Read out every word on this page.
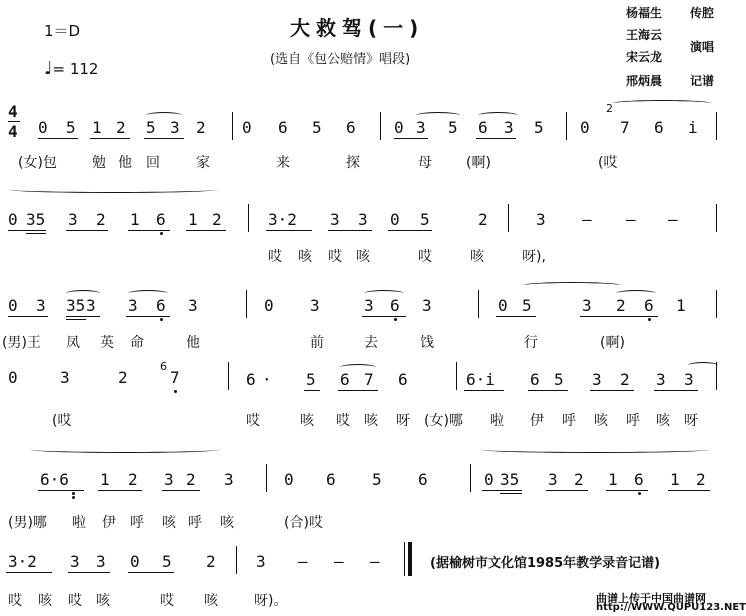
1＝D
♩= 112
大救驾(一)
(选自《包公赔情》唱段)
杨福生 传腔
王海云
宋云龙
演唱
邢炳晨 记谱
4
4 0 5 1 2 5 3 2 0 6 5 6 0 3 5 6 3 5 0
2
7 6 i
(女)包	勉 他 回	家	来	探	母 (啊)	(哎
0 35 3 2 1 6 1 2	3·2 3 3 0 5	2	3 – – –
哎 咳 哎 咳	哎	咳	呀),
0 3 35 3 3 6 3	0 3	3 6 3	0 5	3 2 6 1
(男)王 凤 英 命	他	前	去	饯	行	(啊)
0	3	2
6
7	6 · 5 6 7 6	6·i 6 5 3 2 3 3
(哎	哎	咳 哎 咳 呀 (女)哪 啦 伊 呼 咳 呼 咳 呀
6·6 1 2 3 2 3	0 6 5 6	0 35 3 2 1 6 1 2
(男)哪 啦 伊 呼 咳 呼 咳	(合)哎
3·2 3 3 0 5 2	3 – – –	(据榆树市文化馆1985年教学录音记谱)
哎 咳 哎 咳	哎 咳	呀)。	曲谱上传于中国曲谱网
http://WWW.QUPU123.NET
